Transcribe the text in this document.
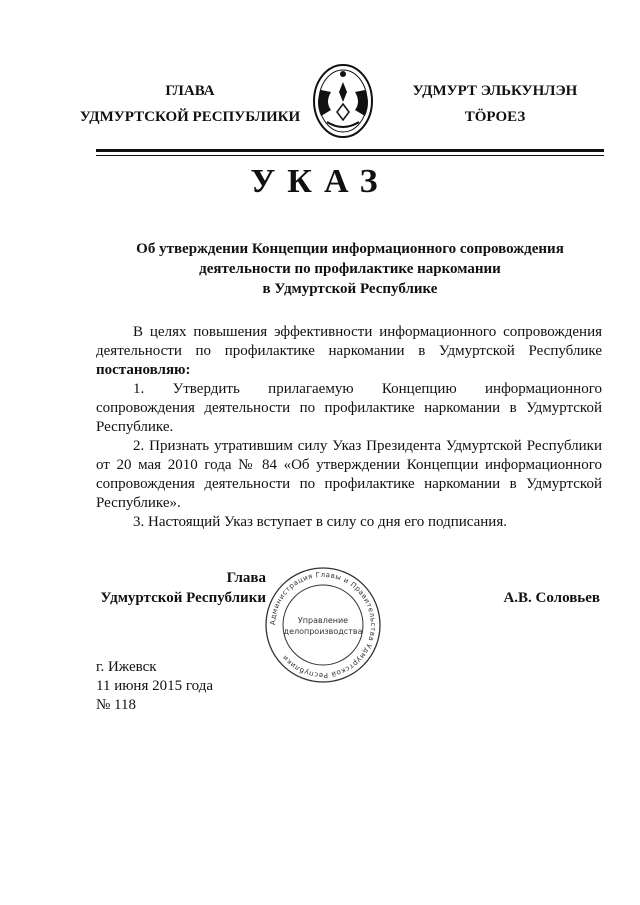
ГЛАВА
УДМУРТСКОЙ РЕСПУБЛИКИ
УДМУРТ ЭЛЬКУНЛЭН
ТӦРОЕЗ
УКАЗ
Об утверждении Концепции информационного сопровождения
деятельности по профилактике наркомании
в Удмуртской Республике

В целях повышения эффективности информационного сопровождения деятельности по профилактике наркомании в Удмуртской Республике постановляю:

1. Утвердить прилагаемую Концепцию информационного сопровождения деятельности по профилактике наркомании в Удмуртской Республике.

2. Признать утратившим силу Указ Президента Удмуртской Республики от 20 мая 2010 года № 84 «Об утверждении Концепции информационного сопровождения деятельности по профилактике наркомании в Удмуртской Республике».

3. Настоящий Указ вступает в силу со дня его подписания.

Глава
Удмуртской Республики
Администрация Главы и Правительства Удмуртской Республики
Управление
делопроизводства
А.В. Соловьев
г. Ижевск
11 июня 2015 года
№ 118
